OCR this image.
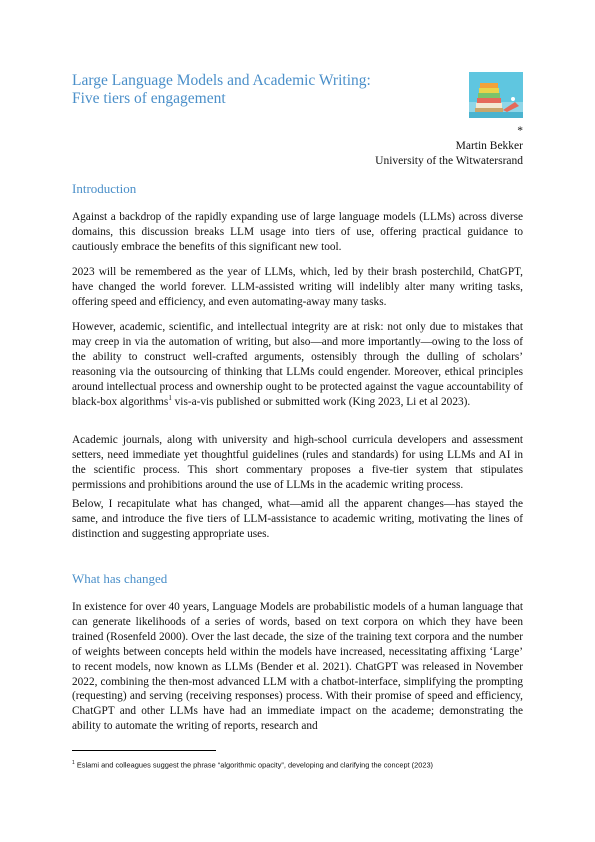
Large Language Models and Academic Writing:
Five tiers of engagement
*
Martin Bekker
University of the Witwatersrand
Introduction

Against a backdrop of the rapidly expanding use of large language models (LLMs) across diverse domains, this discussion breaks LLM usage into tiers of use, offering practical guidance to cautiously embrace the benefits of this significant new tool.

2023 will be remembered as the year of LLMs, which, led by their brash posterchild, ChatGPT, have changed the world forever. LLM-assisted writing will indelibly alter many writing tasks, offering speed and efficiency, and even automating-away many tasks.

However, academic, scientific, and intellectual integrity are at risk: not only due to mistakes that may creep in via the automation of writing, but also—and more importantly—owing to the loss of the ability to construct well-crafted arguments, ostensibly through the dulling of scholars’ reasoning via the outsourcing of thinking that LLMs could engender. Moreover, ethical principles around intellectual process and ownership ought to be protected against the vague accountability of black-box algorithms$^1$ vis-a-vis published or submitted work (King 2023, Li et al 2023).

Academic journals, along with university and high-school curricula developers and assessment setters, need immediate yet thoughtful guidelines (rules and standards) for using LLMs and AI in the scientific process. This short commentary proposes a five-tier system that stipulates permissions and prohibitions around the use of LLMs in the academic writing process.

Below, I recapitulate what has changed, what—amid all the apparent changes—has stayed the same, and introduce the five tiers of LLM-assistance to academic writing, motivating the lines of distinction and suggesting appropriate uses.

What has changed

In existence for over 40 years, Language Models are probabilistic models of a human language that can generate likelihoods of a series of words, based on text corpora on which they have been trained (Rosenfeld 2000). Over the last decade, the size of the training text corpora and the number of weights between concepts held within the models have increased, necessitating affixing ‘Large’ to recent models, now known as LLMs (Bender et al. 2021). ChatGPT was released in November 2022, combining the then-most advanced LLM with a chatbot-interface, simplifying the prompting (requesting) and serving (receiving responses) process. With their promise of speed and efficiency, ChatGPT and other LLMs have had an immediate impact on the academe; demonstrating the ability to automate the writing of reports, research and

$^1$ Eslami and colleagues suggest the phrase “algorithmic opacity”, developing and clarifying the concept (2023)
